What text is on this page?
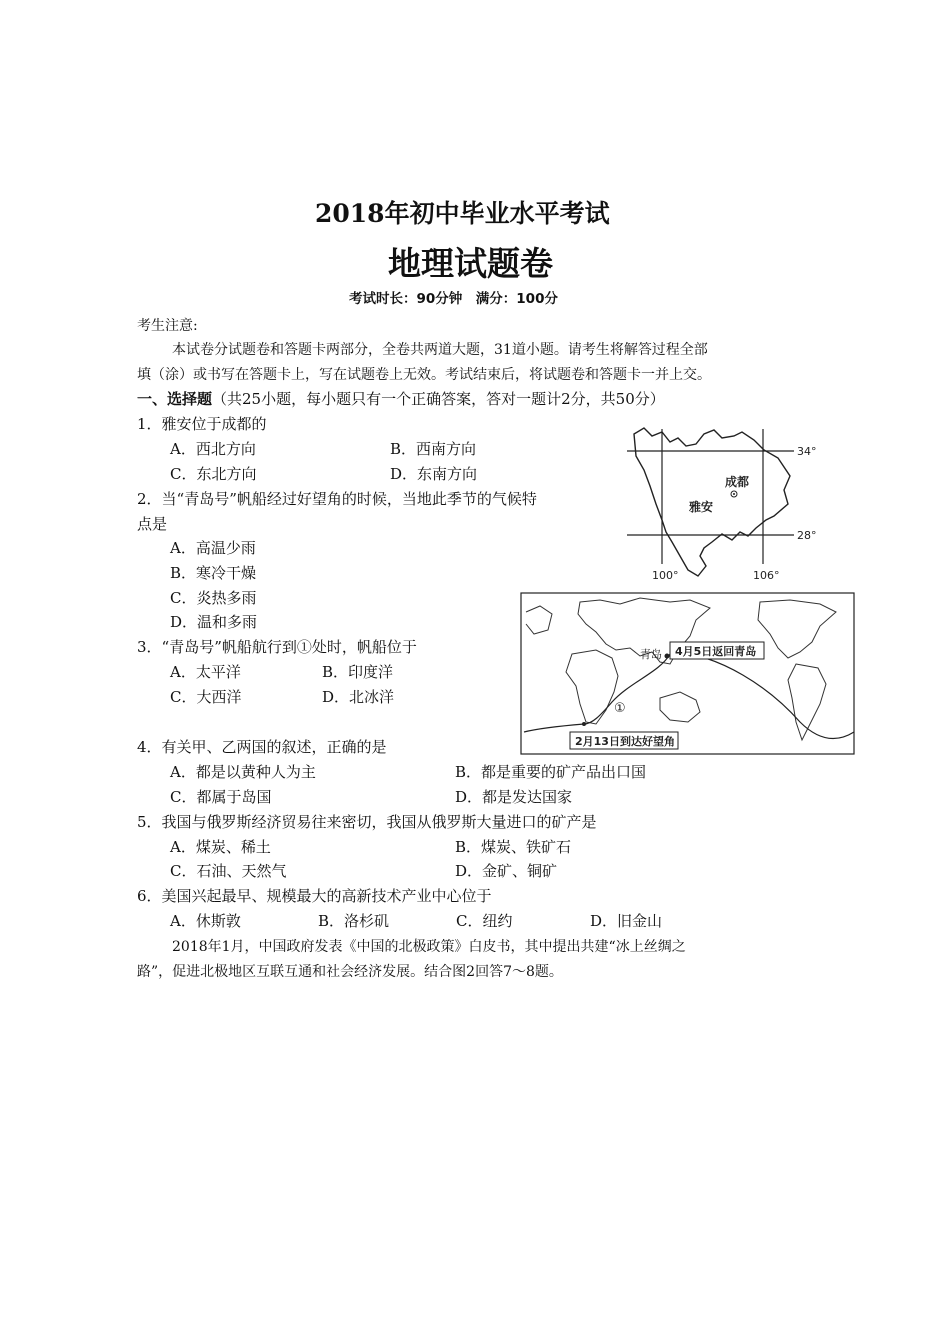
2018年初中毕业水平考试
地理试题卷
考试时长：90分钟　满分：100分
考生注意:
本试卷分试题卷和答题卡两部分，全卷共两道大题，31道小题。请考生将解答过程全部
填（涂）或书写在答题卡上，写在试题卷上无效。考试结束后，将试题卷和答题卡一并上交。
一、选择题（共25小题，每小题只有一个正确答案，答对一题计2分，共50分）
1．雅安位于成都的
A．西北方向	B．西南方向
C．东北方向	D．东南方向
2．当“青岛号”帆船经过好望角的时候，当地此季节的气候特
点是
A．高温少雨
B．寒冷干燥
C．炎热多雨
D．温和多雨
3．“青岛号”帆船航行到①处时，帆船位于
A．太平洋	B．印度洋
C．大西洋	D．北冰洋
4．有关甲、乙两国的叙述，正确的是
A．都是以黄种人为主	B．都是重要的矿产品出口国
C．都属于岛国	D．都是发达国家
5．我国与俄罗斯经济贸易往来密切，我国从俄罗斯大量进口的矿产是
A．煤炭、稀土	B．煤炭、铁矿石
C．石油、天然气	D．金矿、铜矿
6．美国兴起最早、规模最大的高新技术产业中心位于
A．休斯敦	B．洛杉矶	C．纽约	D．旧金山
2018年1月，中国政府发表《中国的北极政策》白皮书，其中提出共建“冰上丝绸之
路”，促进北极地区互联互通和社会经济发展。结合图2回答7～8题。
34°
28°
100°	106°
成都
雅安
青岛 4月5日返回青岛
2月13日到达好望角
①
